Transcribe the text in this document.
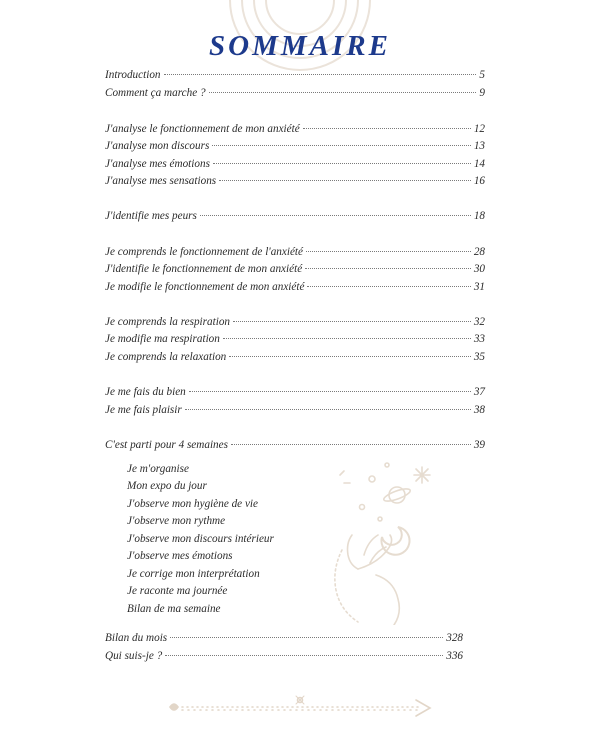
SOMMAIRE
Introduction	5
Comment ça marche ?	9
J'analyse le fonctionnement de mon anxiété	12
J'analyse mon discours	13
J'analyse mes émotions	14
J'analyse mes sensations	16
J'identifie mes peurs	18
Je comprends le fonctionnement de l'anxiété	28
J'identifie le fonctionnement de mon anxiété	30
Je modifie le fonctionnement de mon anxiété	31
Je comprends la respiration	32
Je modifie ma respiration	33
Je comprends la relaxation	35
Je me fais du bien	37
Je me fais plaisir	38
C'est parti pour 4 semaines	39
Je m'organise
Mon expo du jour
J'observe mon hygiène de vie
J'observe mon rythme
J'observe mon discours intérieur
J'observe mes émotions
Je corrige mon interprétation
Je raconte ma journée
Bilan de ma semaine
Bilan du mois	328
Qui suis-je ?	336
